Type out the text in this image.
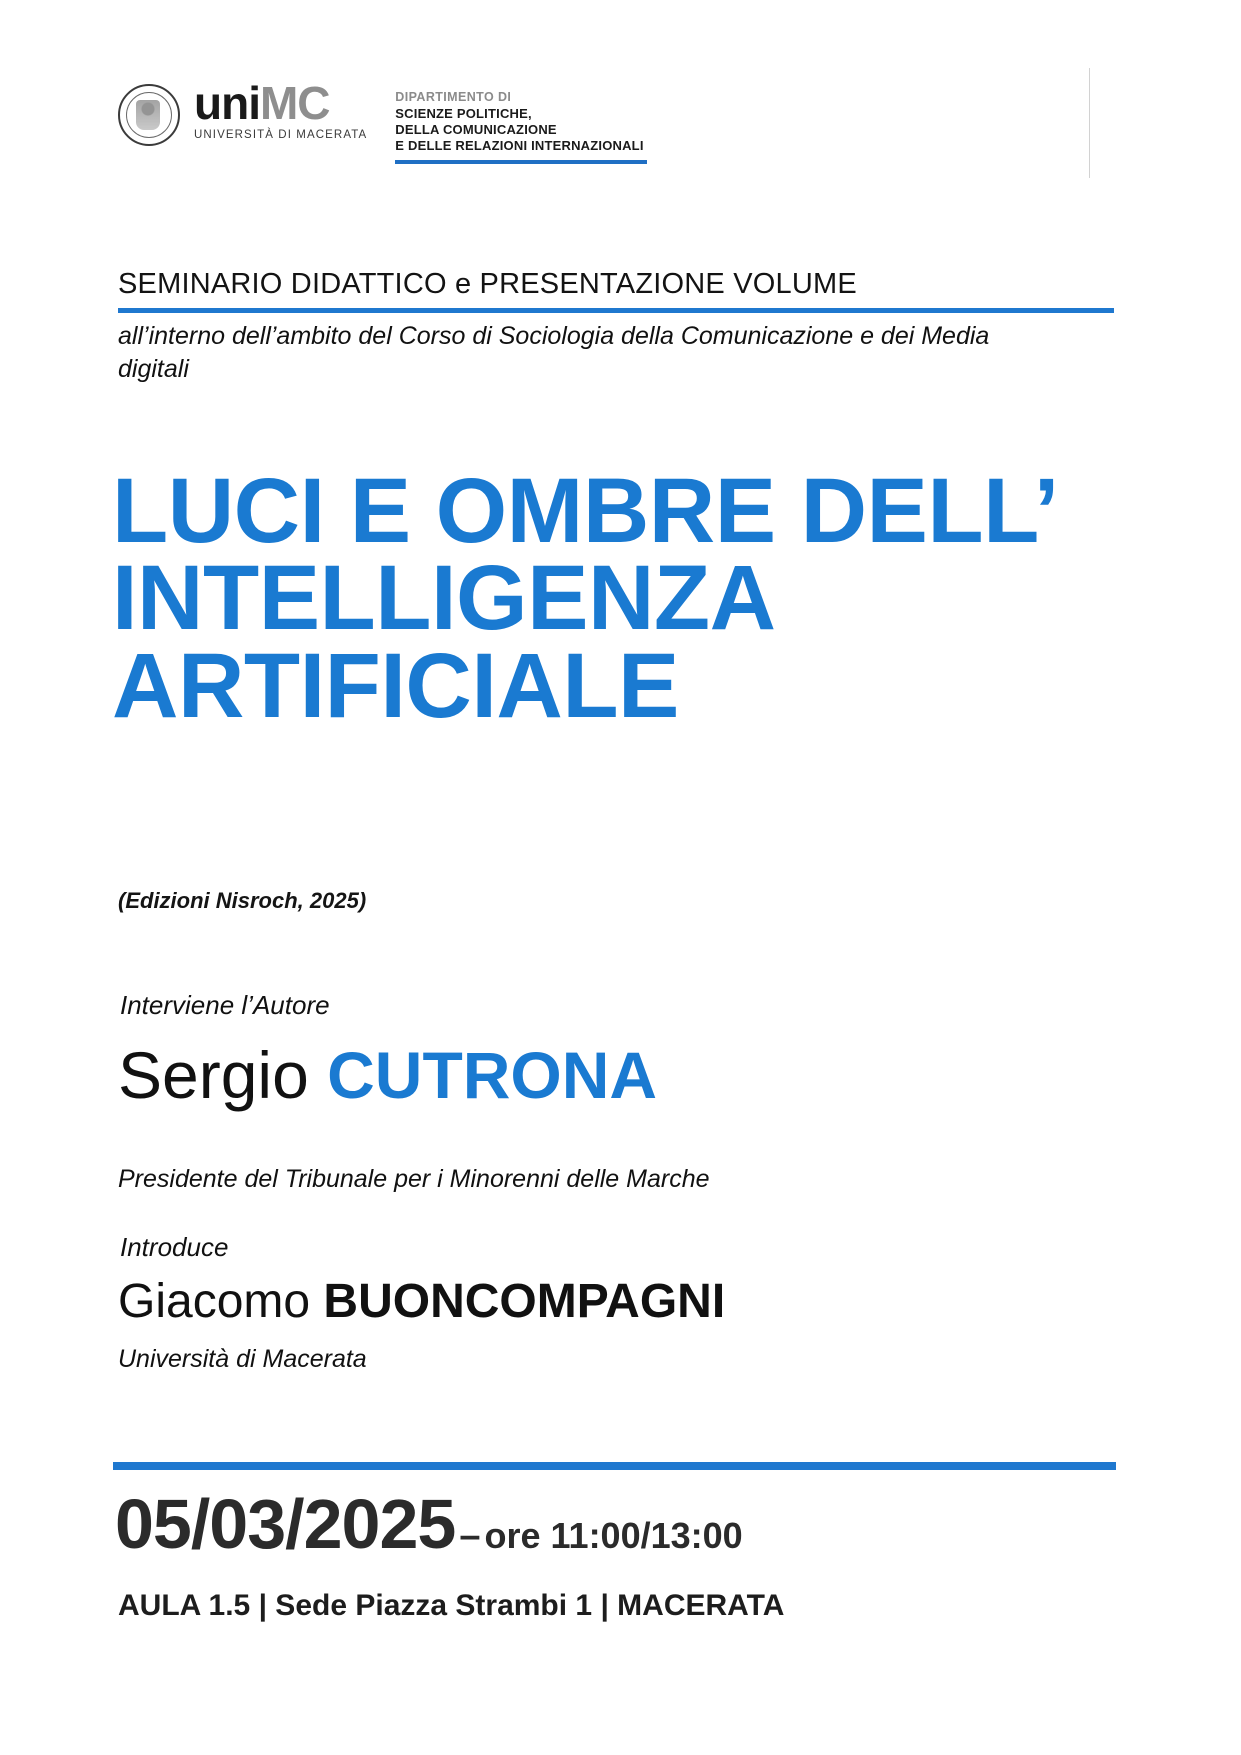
uniMC
UNIVERSITÀ DI MACERATA
DIPARTIMENTO DI
SCIENZE POLITICHE,
DELLA COMUNICAZIONE
E DELLE RELAZIONI INTERNAZIONALI
SEMINARIO DIDATTICO e PRESENTAZIONE VOLUME
all’interno dell’ambito del Corso di Sociologia della Comunicazione e dei Media digitali
LUCI E OMBRE DELL’ INTELLIGENZA ARTIFICIALE
(Edizioni Nisroch, 2025)
Interviene l’Autore
Sergio CUTRONA
Presidente del Tribunale per i Minorenni delle Marche
Introduce
Giacomo BUONCOMPAGNI
Università di Macerata
05/03/2025 – ore 11:00/13:00
AULA 1.5 | Sede Piazza Strambi 1 | MACERATA
